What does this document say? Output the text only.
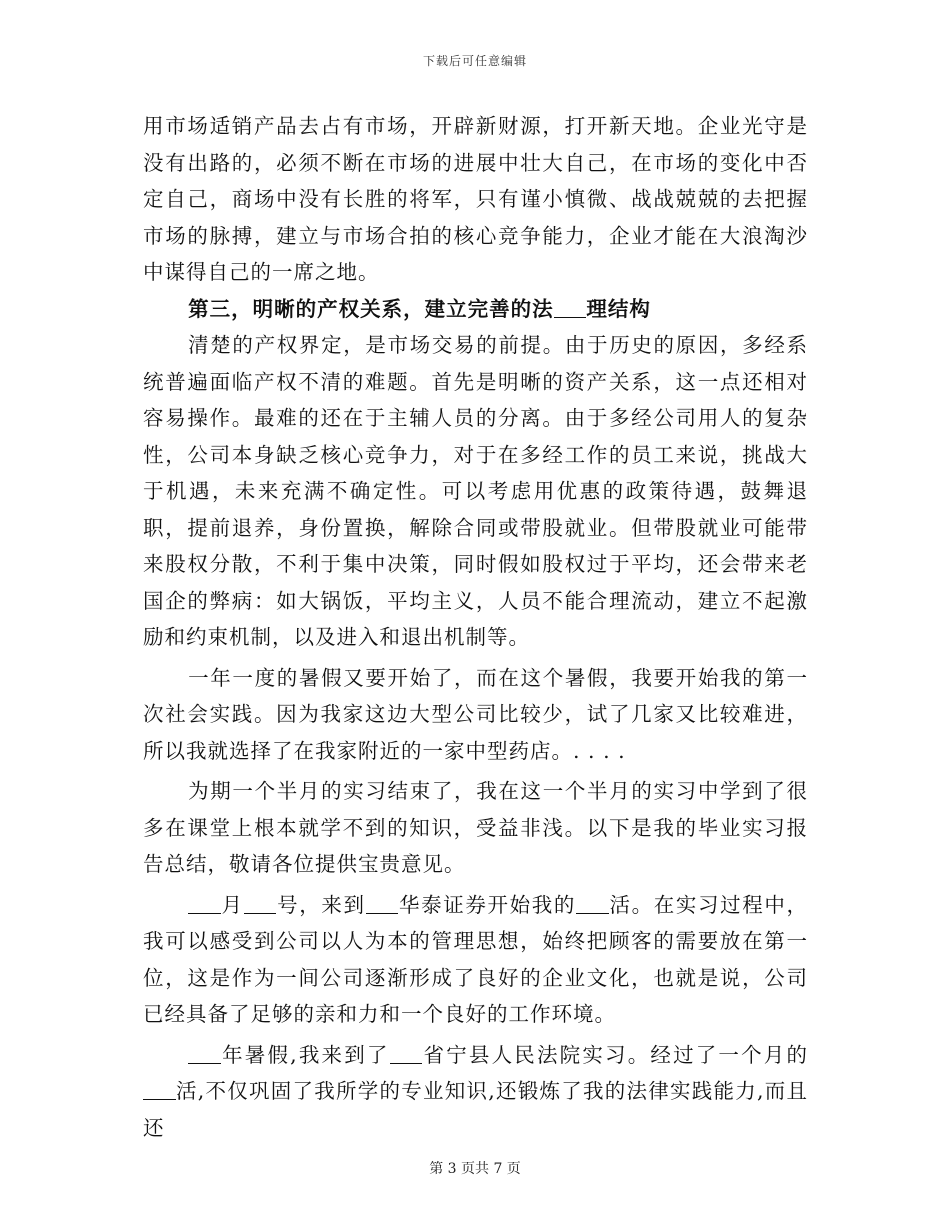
下载后可任意编辑

用市场适销产品去占有市场，开辟新财源，打开新天地。企业光守是没有出路的，必须不断在市场的进展中壮大自己，在市场的变化中否定自己，商场中没有长胜的将军，只有谨小慎微、战战兢兢的去把握市场的脉搏，建立与市场合拍的核心竞争能力，企业才能在大浪淘沙中谋得自己的一席之地。

第三，明晰的产权关系，建立完善的法 理结构

清楚的产权界定，是市场交易的前提。由于历史的原因，多经系统普遍面临产权不清的难题。首先是明晰的资产关系，这一点还相对容易操作。最难的还在于主辅人员的分离。由于多经公司用人的复杂性，公司本身缺乏核心竞争力，对于在多经工作的员工来说，挑战大于机遇，未来充满不确定性。可以考虑用优惠的政策待遇，鼓舞退职，提前退养，身份置换，解除合同或带股就业。但带股就业可能带来股权分散，不利于集中决策，同时假如股权过于平均，还会带来老国企的弊病：如大锅饭，平均主义，人员不能合理流动，建立不起激励和约束机制，以及进入和退出机制等。

一年一度的暑假又要开始了，而在这个暑假，我要开始我的第一次社会实践。因为我家这边大型公司比较少，试了几家又比较难进，所以我就选择了在我家附近的一家中型药店。. . . .

为期一个半月的实习结束了，我在这一个半月的实习中学到了很多在课堂上根本就学不到的知识，受益非浅。以下是我的毕业实习报告总结，敬请各位提供宝贵意见。

月 号，来到 华泰证券开始我的 活。在实习过程中，我可以感受到公司以人为本的管理思想，始终把顾客的需要放在第一位，这是作为一间公司逐渐形成了良好的企业文化，也就是说，公司已经具备了足够的亲和力和一个良好的工作环境。

年暑假,我来到了 省宁县人民法院实习。经过了一个月的活,不仅巩固了我所学的专业知识,还锻炼了我的法律实践能力,而且还

第 3 页共 7 页
